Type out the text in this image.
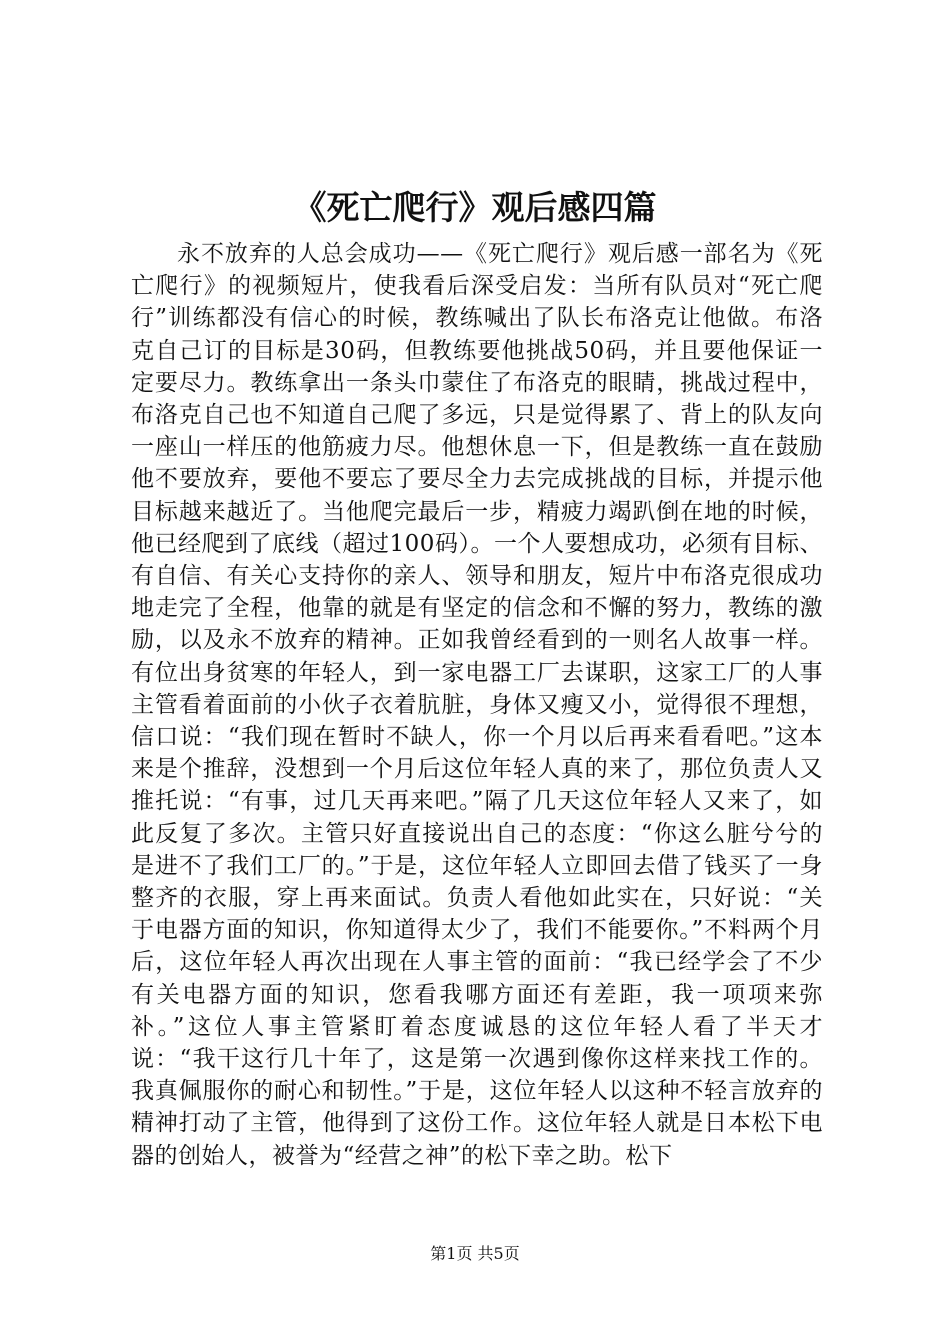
《死亡爬行》观后感四篇

永不放弃的人总会成功——《死亡爬行》观后感一部名为《死亡爬行》的视频短片，使我看后深受启发：当所有队员对“死亡爬行”训练都没有信心的时候，教练喊出了队长布洛克让他做。布洛克自己订的目标是30码，但教练要他挑战50码，并且要他保证一定要尽力。教练拿出一条头巾蒙住了布洛克的眼睛，挑战过程中，布洛克自己也不知道自己爬了多远，只是觉得累了、背上的队友向一座山一样压的他筋疲力尽。他想休息一下，但是教练一直在鼓励他不要放弃，要他不要忘了要尽全力去完成挑战的目标，并提示他目标越来越近了。当他爬完最后一步，精疲力竭趴倒在地的时候，他已经爬到了底线（超过100码）。一个人要想成功，必须有目标、有自信、有关心支持你的亲人、领导和朋友，短片中布洛克很成功地走完了全程，他靠的就是有坚定的信念和不懈的努力，教练的激励，以及永不放弃的精神。正如我曾经看到的一则名人故事一样。有位出身贫寒的年轻人，到一家电器工厂去谋职，这家工厂的人事主管看着面前的小伙子衣着肮脏，身体又瘦又小，觉得很不理想，信口说：“我们现在暂时不缺人，你一个月以后再来看看吧。”这本来是个推辞，没想到一个月后这位年轻人真的来了，那位负责人又推托说：“有事，过几天再来吧。”隔了几天这位年轻人又来了，如此反复了多次。主管只好直接说出自己的态度：“你这么脏兮兮的是进不了我们工厂的。”于是，这位年轻人立即回去借了钱买了一身整齐的衣服，穿上再来面试。负责人看他如此实在，只好说：“关于电器方面的知识，你知道得太少了，我们不能要你。”不料两个月后，这位年轻人再次出现在人事主管的面前：“我已经学会了不少有关电器方面的知识，您看我哪方面还有差距，我一项项来弥补。”这位人事主管紧盯着态度诚恳的这位年轻人看了半天才说：“我干这行几十年了，这是第一次遇到像你这样来找工作的。我真佩服你的耐心和韧性。”于是，这位年轻人以这种不轻言放弃的精神打动了主管，他得到了这份工作。这位年轻人就是日本松下电器的创始人，被誉为“经营之神”的松下幸之助。松下

第1页 共5页
